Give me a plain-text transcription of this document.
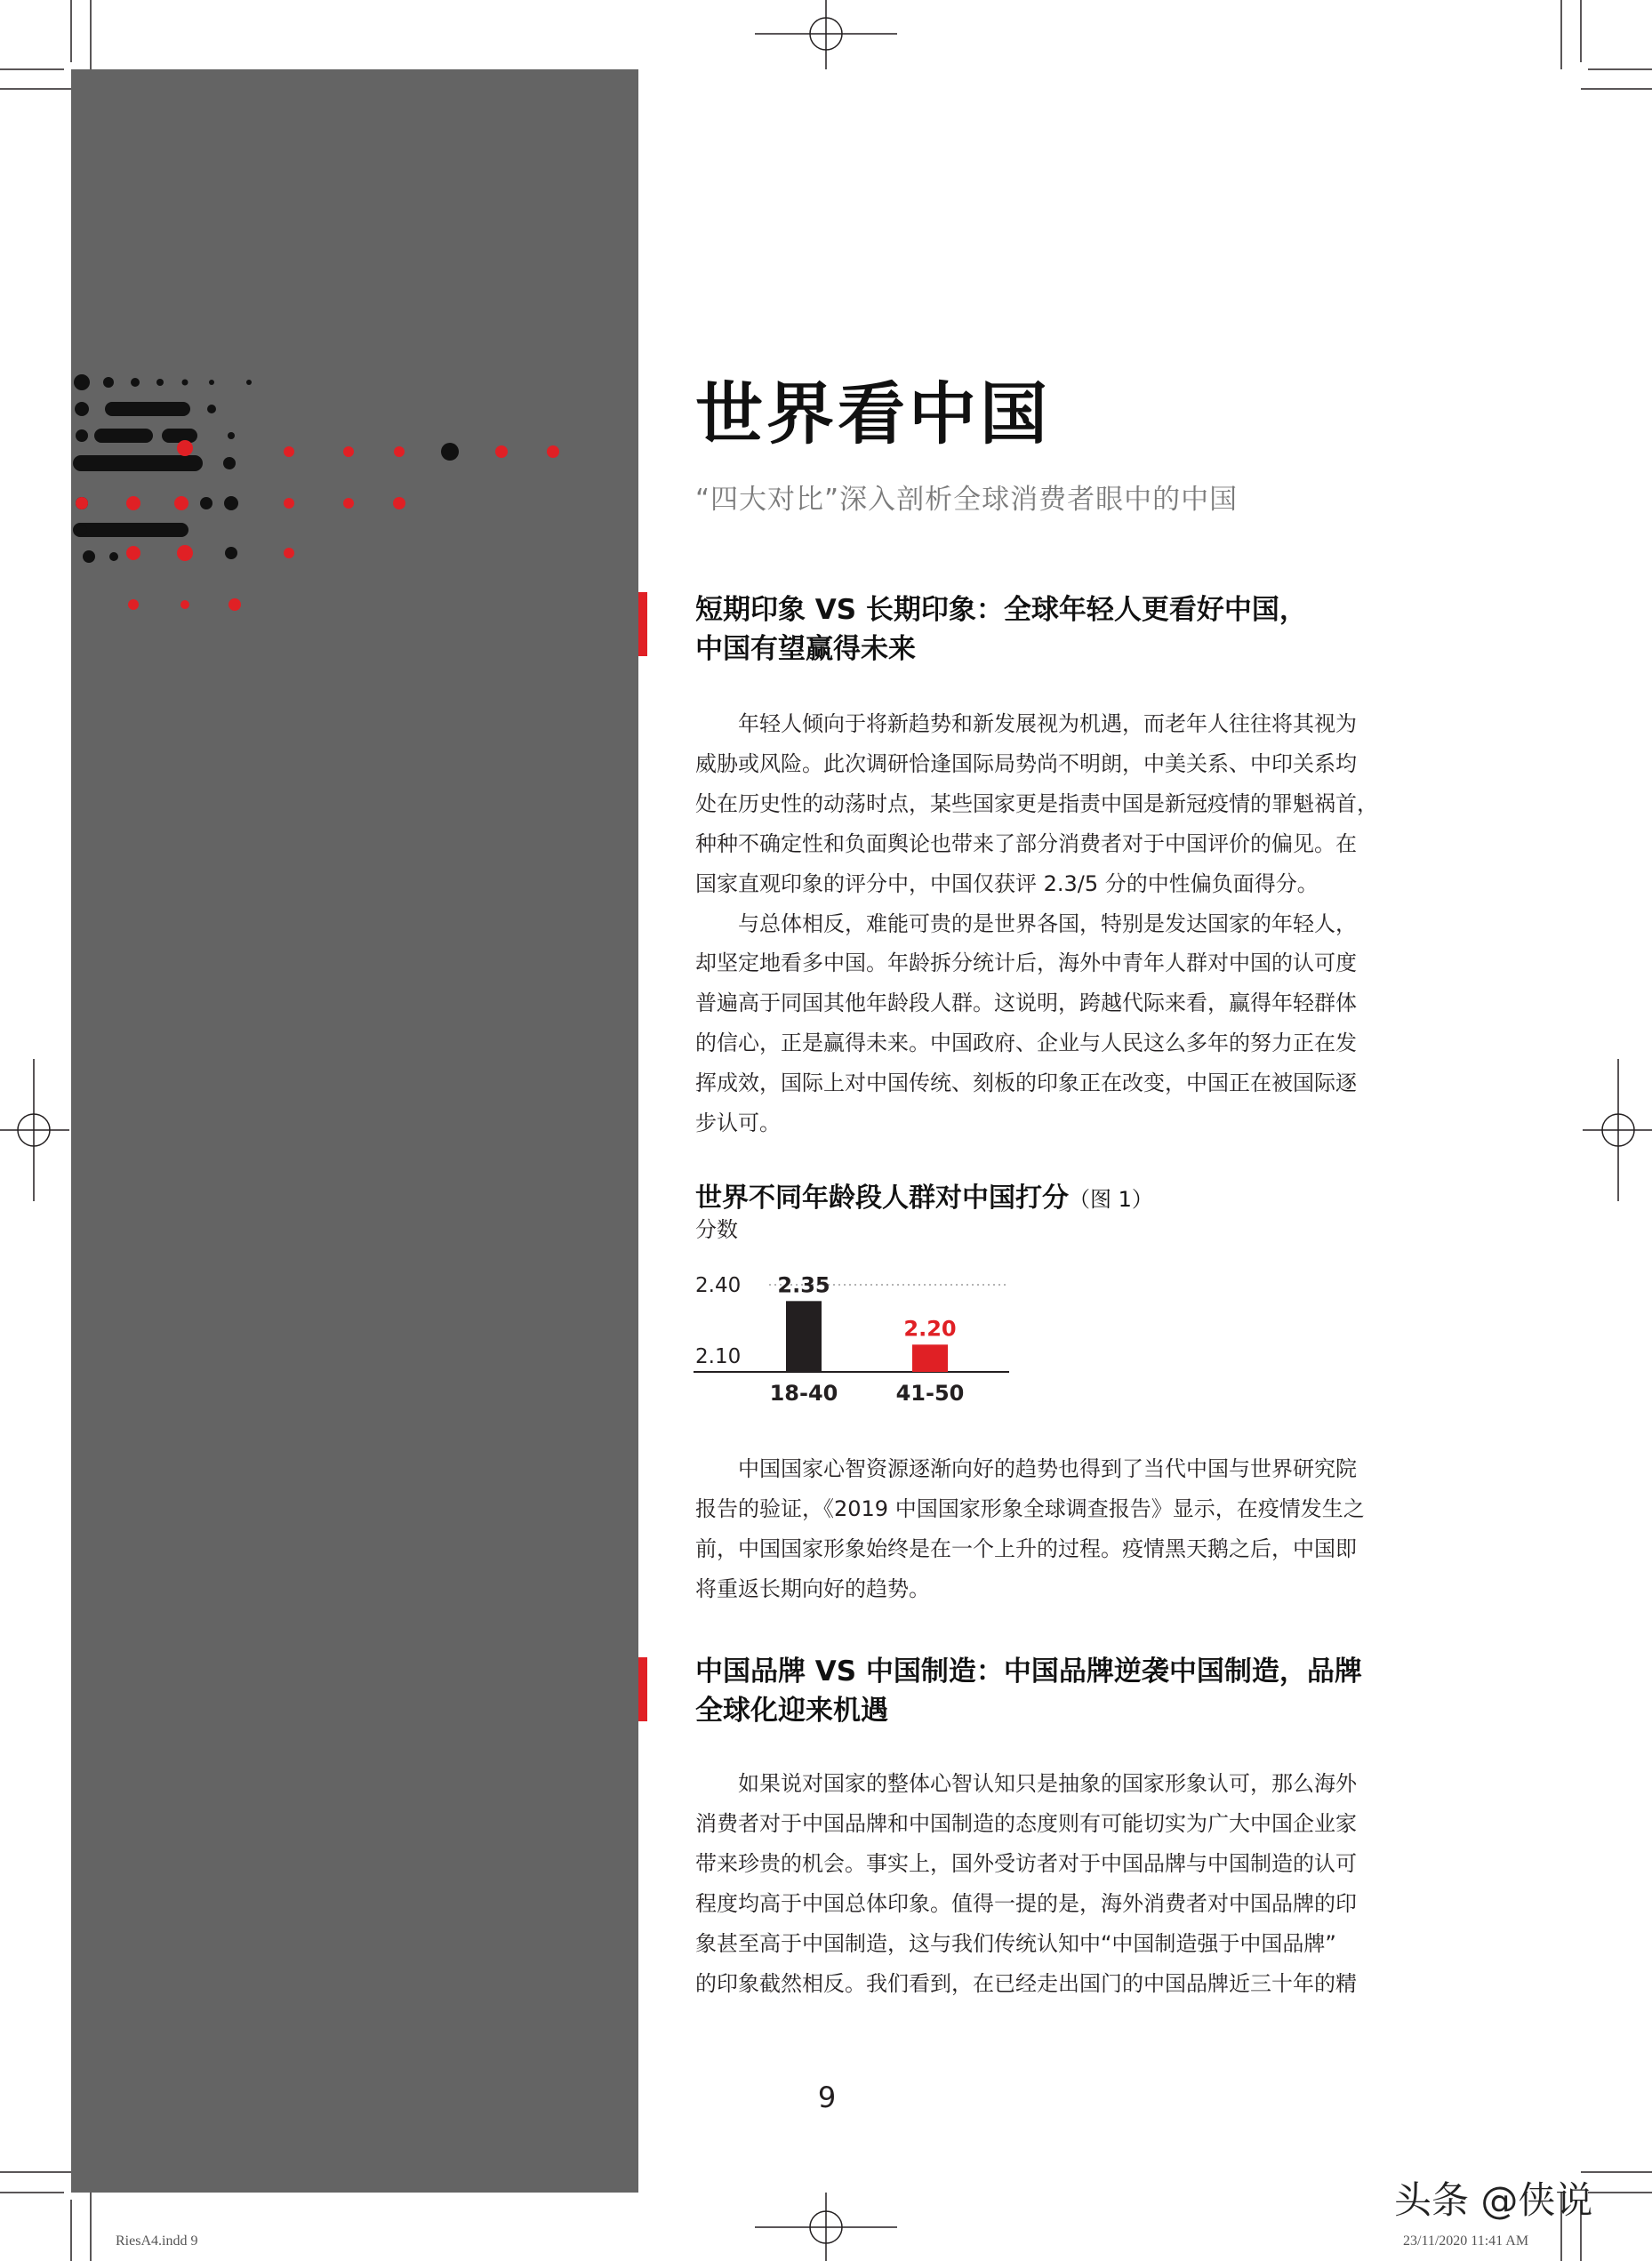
世界看中国
“四大对比”深入剖析全球消费者眼中的中国
短期印象 VS 长期印象：全球年轻人更看好中国，
中国有望赢得未来
年轻人倾向于将新趋势和新发展视为机遇，而老年人往往将其视为
威胁或风险。此次调研恰逢国际局势尚不明朗，中美关系、中印关系均
处在历史性的动荡时点，某些国家更是指责中国是新冠疫情的罪魁祸首，
种种不确定性和负面舆论也带来了部分消费者对于中国评价的偏见。在
国家直观印象的评分中，中国仅获评 2.3/5 分的中性偏负面得分。
与总体相反，难能可贵的是世界各国，特别是发达国家的年轻人，
却坚定地看多中国。年龄拆分统计后，海外中青年人群对中国的认可度
普遍高于同国其他年龄段人群。这说明，跨越代际来看，赢得年轻群体
的信心，正是赢得未来。中国政府、企业与人民这么多年的努力正在发
挥成效，国际上对中国传统、刻板的印象正在改变，中国正在被国际逐
步认可。
世界不同年龄段人群对中国打分（图 1）
分数
2.10
2.40 2.35
18-40
2.20
41-50
中国国家心智资源逐渐向好的趋势也得到了当代中国与世界研究院
报告的验证，《2019 中国国家形象全球调查报告》显示，在疫情发生之
前，中国国家形象始终是在一个上升的过程。疫情黑天鹅之后，中国即
将重返长期向好的趋势。
中国品牌 VS 中国制造：中国品牌逆袭中国制造，品牌
全球化迎来机遇
如果说对国家的整体心智认知只是抽象的国家形象认可，那么海外
消费者对于中国品牌和中国制造的态度则有可能切实为广大中国企业家
带来珍贵的机会。事实上，国外受访者对于中国品牌与中国制造的认可
程度均高于中国总体印象。值得一提的是，海外消费者对中国品牌的印
象甚至高于中国制造，这与我们传统认知中“中国制造强于中国品牌”
的印象截然相反。我们看到，在已经走出国门的中国品牌近三十年的精
9
RiesA4.indd 9	23/11/2020 11:41 AM
头条 @侠说
